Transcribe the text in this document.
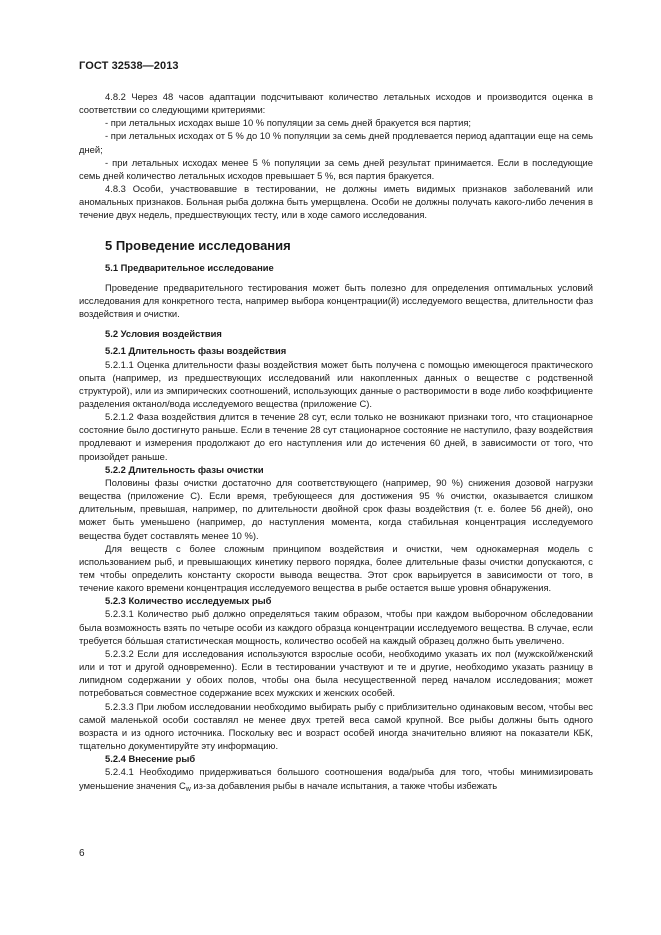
ГОСТ 32538—2013

4.8.2 Через 48 часов адаптации подсчитывают количество летальных исходов и производится оценка в соответствии со следующими критериями:

- при летальных исходах выше 10 % популяции за семь дней бракуется вся партия;

- при летальных исходах от 5 % до 10 % популяции за семь дней продлевается период адаптации еще на семь дней;

- при летальных исходах менее 5 % популяции за семь дней результат принимается. Если в последующие семь дней количество летальных исходов превышает 5 %, вся партия бракуется.

4.8.3 Особи, участвовавшие в тестировании, не должны иметь видимых признаков заболеваний или аномальных признаков. Больная рыба должна быть умерщвлена. Особи не должны получать какого-либо лечения в течение двух недель, предшествующих тесту, или в ходе самого исследования.

5 Проведение исследования

5.1 Предварительное исследование

Проведение предварительного тестирования может быть полезно для определения оптимальных условий исследования для конкретного теста, например выбора концентрации(й) исследуемого вещества, длительности фаз воздействия и очистки.

5.2 Условия воздействия

5.2.1 Длительность фазы воздействия

5.2.1.1 Оценка длительности фазы воздействия может быть получена с помощью имеющегося практического опыта (например, из предшествующих исследований или накопленных данных о веществе с родственной структурой), или из эмпирических соотношений, использующих данные о растворимости в воде либо коэффициенте разделения октанол/вода исследуемого вещества (приложение С).

5.2.1.2 Фаза воздействия длится в течение 28 сут, если только не возникают признаки того, что стационарное состояние было достигнуто раньше. Если в течение 28 сут стационарное состояние не наступило, фазу воздействия продлевают и измерения продолжают до его наступления или до истечения 60 дней, в зависимости от того, что произойдет раньше.

5.2.2 Длительность фазы очистки

Половины фазы очистки достаточно для соответствующего (например, 90 %) снижения дозовой нагрузки вещества (приложение С). Если время, требующееся для достижения 95 % очистки, оказывается слишком длительным, превышая, например, по длительности двойной срок фазы воздействия (т. е. более 56 дней), оно может быть уменьшено (например, до наступления момента, когда стабильная концентрация исследуемого вещества будет составлять менее 10 %).

Для веществ с более сложным принципом воздействия и очистки, чем однокамерная модель с использованием рыб, и превышающих кинетику первого порядка, более длительные фазы очистки допускаются, с тем чтобы определить константу скорости вывода вещества. Этот срок варьируется в зависимости от того, в течение какого времени концентрация исследуемого вещества в рыбе остается выше уровня обнаружения.

5.2.3 Количество исследуемых рыб

5.2.3.1 Количество рыб должно определяться таким образом, чтобы при каждом выборочном обследовании была возможность взять по четыре особи из каждого образца концентрации исследуемого вещества. В случае, если требуется бо́льшая статистическая мощность, количество особей на каждый образец должно быть увеличено.

5.2.3.2 Если для исследования используются взрослые особи, необходимо указать их пол (мужской/женский или и тот и другой одновременно). Если в тестировании участвуют и те и другие, необходимо указать разницу в липидном содержании у обоих полов, чтобы она была несущественной перед началом исследования; может потребоваться совместное содержание всех мужских и женских особей.

5.2.3.3 При любом исследовании необходимо выбирать рыбу с приблизительно одинаковым весом, чтобы вес самой маленькой особи составлял не менее двух третей веса самой крупной. Все рыбы должны быть одного возраста и из одного источника. Поскольку вес и возраст особей иногда значительно влияют на показатели КБК, тщательно документируйте эту информацию.

5.2.4 Внесение рыб

5.2.4.1 Необходимо придерживаться большого соотношения вода/рыба для того, чтобы минимизировать уменьшение значения $C_w$ из-за добавления рыбы в начале испытания, а также чтобы избежать

6
